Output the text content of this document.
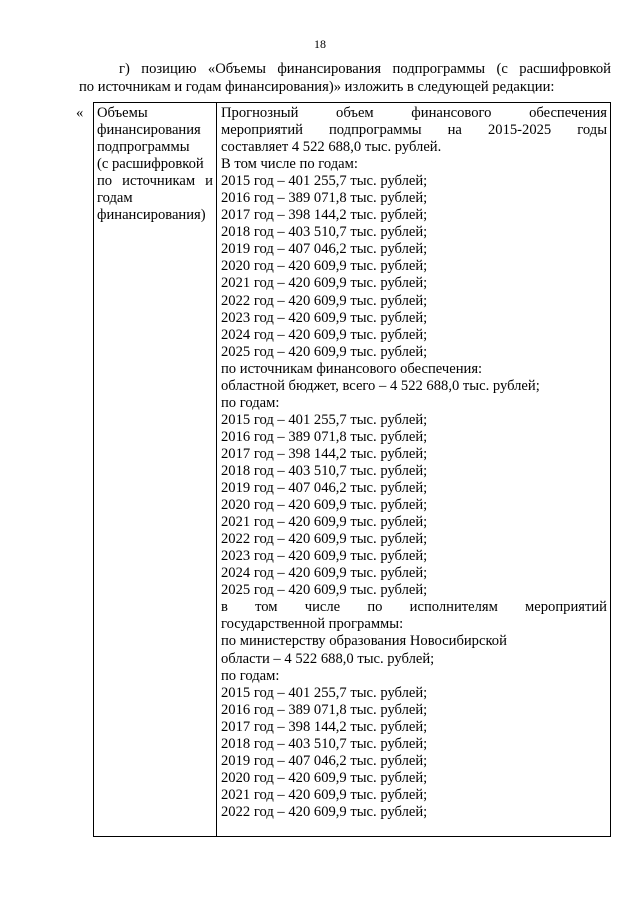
18
г) позицию «Объемы финансирования подпрограммы (с расшифровкой
по источникам и годам финансирования)» изложить в следующей редакции:
« Объемы
финансирования
подпрограммы
(с расшифровкой
по источникам и
годам
финансирования)
Прогнозный объем финансового обеспечения
мероприятий подпрограммы на 2015-2025 годы
составляет 4 522 688,0 тыс. рублей.
В том числе по годам:
2015 год – 401 255,7 тыс. рублей;
2016 год – 389 071,8 тыс. рублей;
2017 год – 398 144,2 тыс. рублей;
2018 год – 403 510,7 тыс. рублей;
2019 год – 407 046,2 тыс. рублей;
2020 год – 420 609,9 тыс. рублей;
2021 год – 420 609,9 тыс. рублей;
2022 год – 420 609,9 тыс. рублей;
2023 год – 420 609,9 тыс. рублей;
2024 год – 420 609,9 тыс. рублей;
2025 год – 420 609,9 тыс. рублей;
по источникам финансового обеспечения:
областной бюджет, всего – 4 522 688,0 тыс. рублей;
по годам:
2015 год – 401 255,7 тыс. рублей;
2016 год – 389 071,8 тыс. рублей;
2017 год – 398 144,2 тыс. рублей;
2018 год – 403 510,7 тыс. рублей;
2019 год – 407 046,2 тыс. рублей;
2020 год – 420 609,9 тыс. рублей;
2021 год – 420 609,9 тыс. рублей;
2022 год – 420 609,9 тыс. рублей;
2023 год – 420 609,9 тыс. рублей;
2024 год – 420 609,9 тыс. рублей;
2025 год – 420 609,9 тыс. рублей;
в том числе по исполнителям мероприятий
государственной программы:
по министерству образования Новосибирской
области – 4 522 688,0 тыс. рублей;
по годам:
2015 год – 401 255,7 тыс. рублей;
2016 год – 389 071,8 тыс. рублей;
2017 год – 398 144,2 тыс. рублей;
2018 год – 403 510,7 тыс. рублей;
2019 год – 407 046,2 тыс. рублей;
2020 год – 420 609,9 тыс. рублей;
2021 год – 420 609,9 тыс. рублей;
2022 год – 420 609,9 тыс. рублей;
